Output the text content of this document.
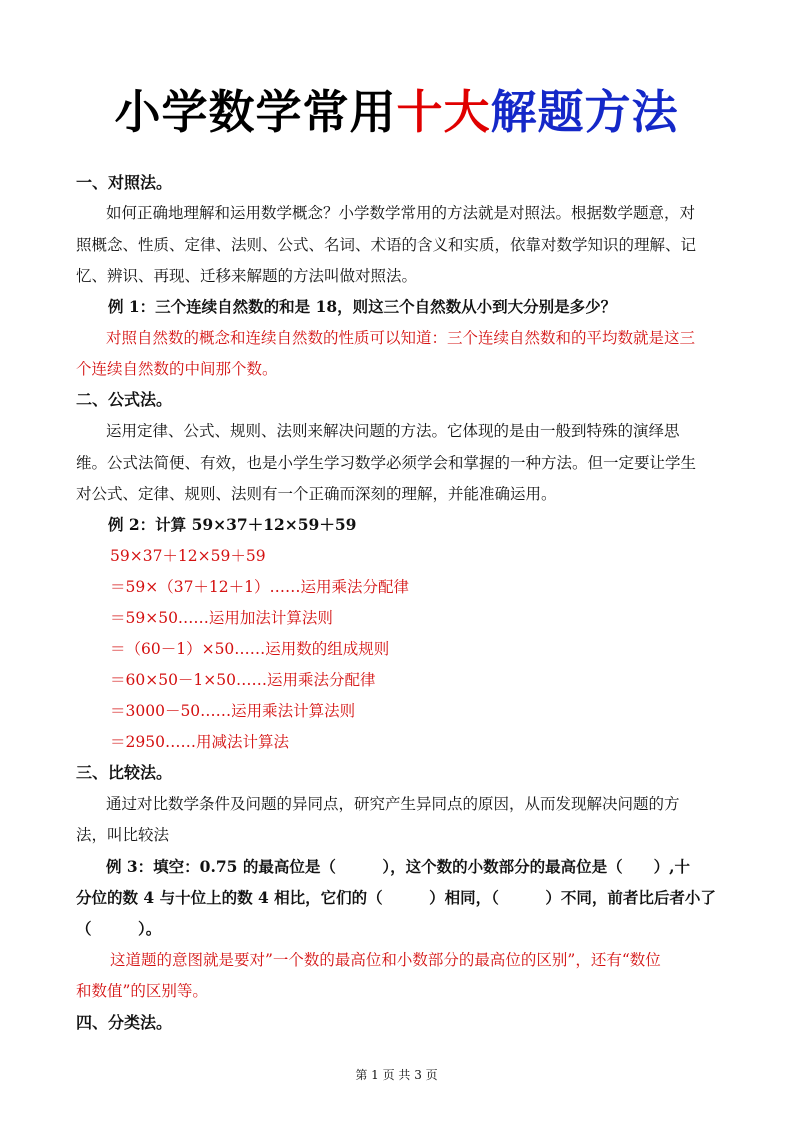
小学数学常用十大解题方法
一、对照法。
如何正确地理解和运用数学概念？小学数学常用的方法就是对照法。根据数学题意，对
照概念、性质、定律、法则、公式、名词、术语的含义和实质，依靠对数学知识的理解、记
忆、辨识、再现、迁移来解题的方法叫做对照法。
例 1：三个连续自然数的和是 18，则这三个自然数从小到大分别是多少？
对照自然数的概念和连续自然数的性质可以知道：三个连续自然数和的平均数就是这三
个连续自然数的中间那个数。
二、公式法。
运用定律、公式、规则、法则来解决问题的方法。它体现的是由一般到特殊的演绎思
维。公式法简便、有效，也是小学生学习数学必须学会和掌握的一种方法。但一定要让学生
对公式、定律、规则、法则有一个正确而深刻的理解，并能准确运用。
例 2：计算 59×37＋12×59＋59
59×37＋12×59＋59
＝59×（37＋12＋1）……运用乘法分配律
＝59×50……运用加法计算法则
＝（60－1）×50……运用数的组成规则
＝60×50－1×50……运用乘法分配律
＝3000－50……运用乘法计算法则
＝2950……用减法计算法
三、比较法。
通过对比数学条件及问题的异同点，研究产生异同点的原因，从而发现解决问题的方
法，叫比较法
例 3：填空：0.75 的最高位是（　　　），这个数的小数部分的最高位是（　　）,十
分位的数 4 与十位上的数 4 相比，它们的（　　　）相同，（　　　）不同，前者比后者小了
（　　　）。
这道题的意图就是要对”一个数的最高位和小数部分的最高位的区别”，还有“数位
和数值”的区别等。
四、分类法。
第 1 页 共 3 页
